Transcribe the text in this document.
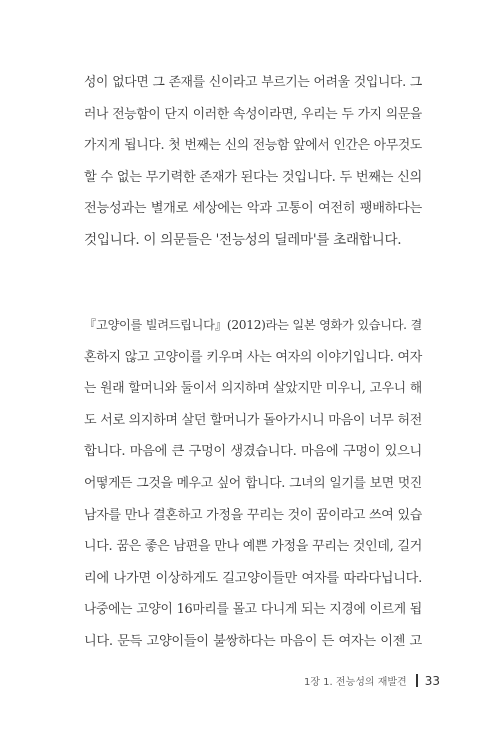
성이 없다면 그 존재를 신이라고 부르기는 어려울 것입니다. 그
러나 전능함이 단지 이러한 속성이라면, 우리는 두 가지 의문을
가지게 됩니다. 첫 번째는 신의 전능함 앞에서 인간은 아무것도
할 수 없는 무기력한 존재가 된다는 것입니다. 두 번째는 신의
전능성과는 별개로 세상에는 악과 고통이 여전히 팽배하다는
것입니다. 이 의문들은 '전능성의 딜레마'를 초래합니다.
『고양이를 빌려드립니다』(2012)라는 일본 영화가 있습니다. 결
혼하지 않고 고양이를 키우며 사는 여자의 이야기입니다. 여자
는 원래 할머니와 둘이서 의지하며 살았지만 미우니, 고우니 해
도 서로 의지하며 살던 할머니가 돌아가시니 마음이 너무 허전
합니다. 마음에 큰 구멍이 생겼습니다. 마음에 구멍이 있으니
어떻게든 그것을 메우고 싶어 합니다. 그녀의 일기를 보면 멋진
남자를 만나 결혼하고 가정을 꾸리는 것이 꿈이라고 쓰여 있습
니다. 꿈은 좋은 남편을 만나 예쁜 가정을 꾸리는 것인데, 길거
리에 나가면 이상하게도 길고양이들만 여자를 따라다닙니다.
나중에는 고양이 16마리를 몰고 다니게 되는 지경에 이르게 됩
니다. 문득 고양이들이 불쌍하다는 마음이 든 여자는 이젠 고
1장 1. 전능성의 재발견 33
